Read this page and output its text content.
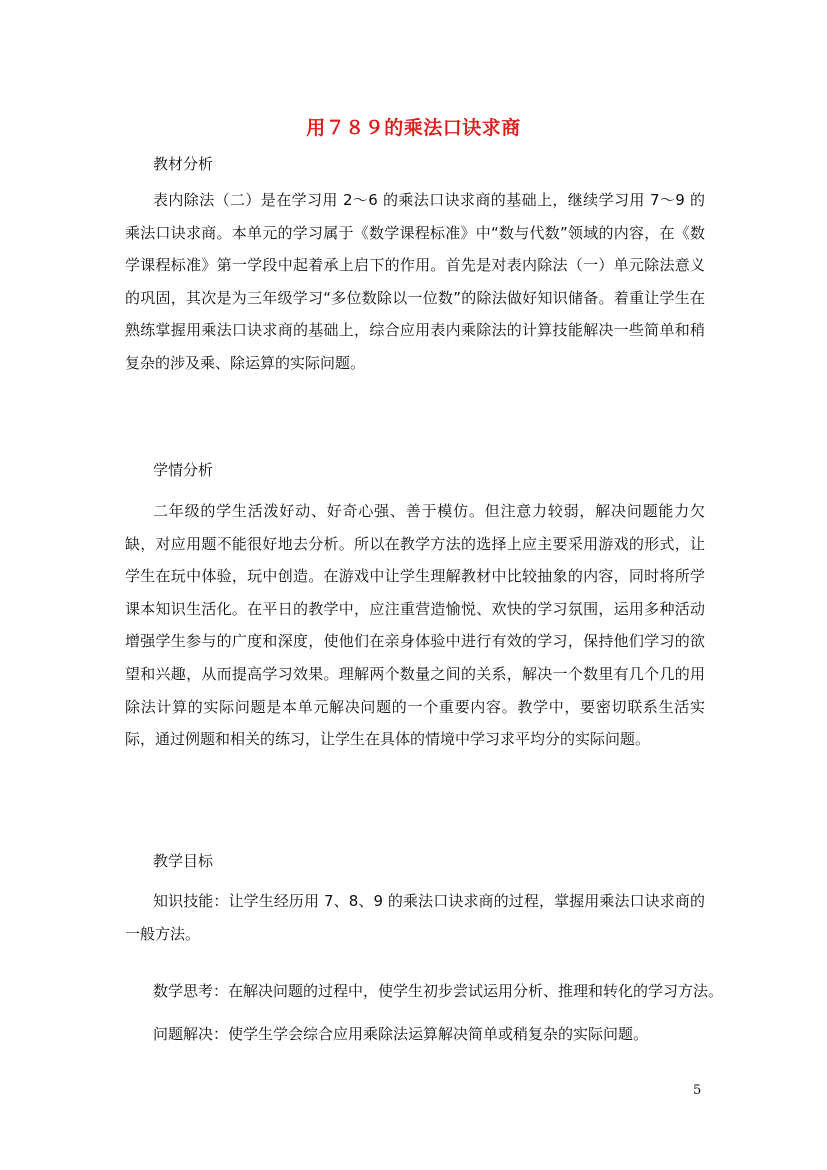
用７８９的乘法口诀求商
教材分析

表内除法（二）是在学习用 2～6 的乘法口诀求商的基础上，继续学习用 7～9 的乘法口诀求商。本单元的学习属于《数学课程标准》中“数与代数”领域的内容，在《数学课程标准》第一学段中起着承上启下的作用。首先是对表内除法（一）单元除法意义的巩固，其次是为三年级学习“多位数除以一位数”的除法做好知识储备。着重让学生在熟练掌握用乘法口诀求商的基础上，综合应用表内乘除法的计算技能解决一些简单和稍复杂的涉及乘、除运算的实际问题。

学情分析

二年级的学生活泼好动、好奇心强、善于模仿。但注意力较弱，解决问题能力欠缺，对应用题不能很好地去分析。所以在教学方法的选择上应主要采用游戏的形式，让学生在玩中体验，玩中创造。在游戏中让学生理解教材中比较抽象的内容，同时将所学课本知识生活化。在平日的教学中，应注重营造愉悦、欢快的学习氛围，运用多种活动增强学生参与的广度和深度，使他们在亲身体验中进行有效的学习，保持他们学习的欲望和兴趣，从而提高学习效果。理解两个数量之间的关系，解决一个数里有几个几的用除法计算的实际问题是本单元解决问题的一个重要内容。教学中，要密切联系生活实际，通过例题和相关的练习，让学生在具体的情境中学习求平均分的实际问题。

教学目标

知识技能：让学生经历用 7、8、9 的乘法口诀求商的过程，掌握用乘法口诀求商的一般方法。

数学思考：在解决问题的过程中，使学生初步尝试运用分析、推理和转化的学习方法。
问题解决：使学生学会综合应用乘除法运算解决简单或稍复杂的实际问题。
5
